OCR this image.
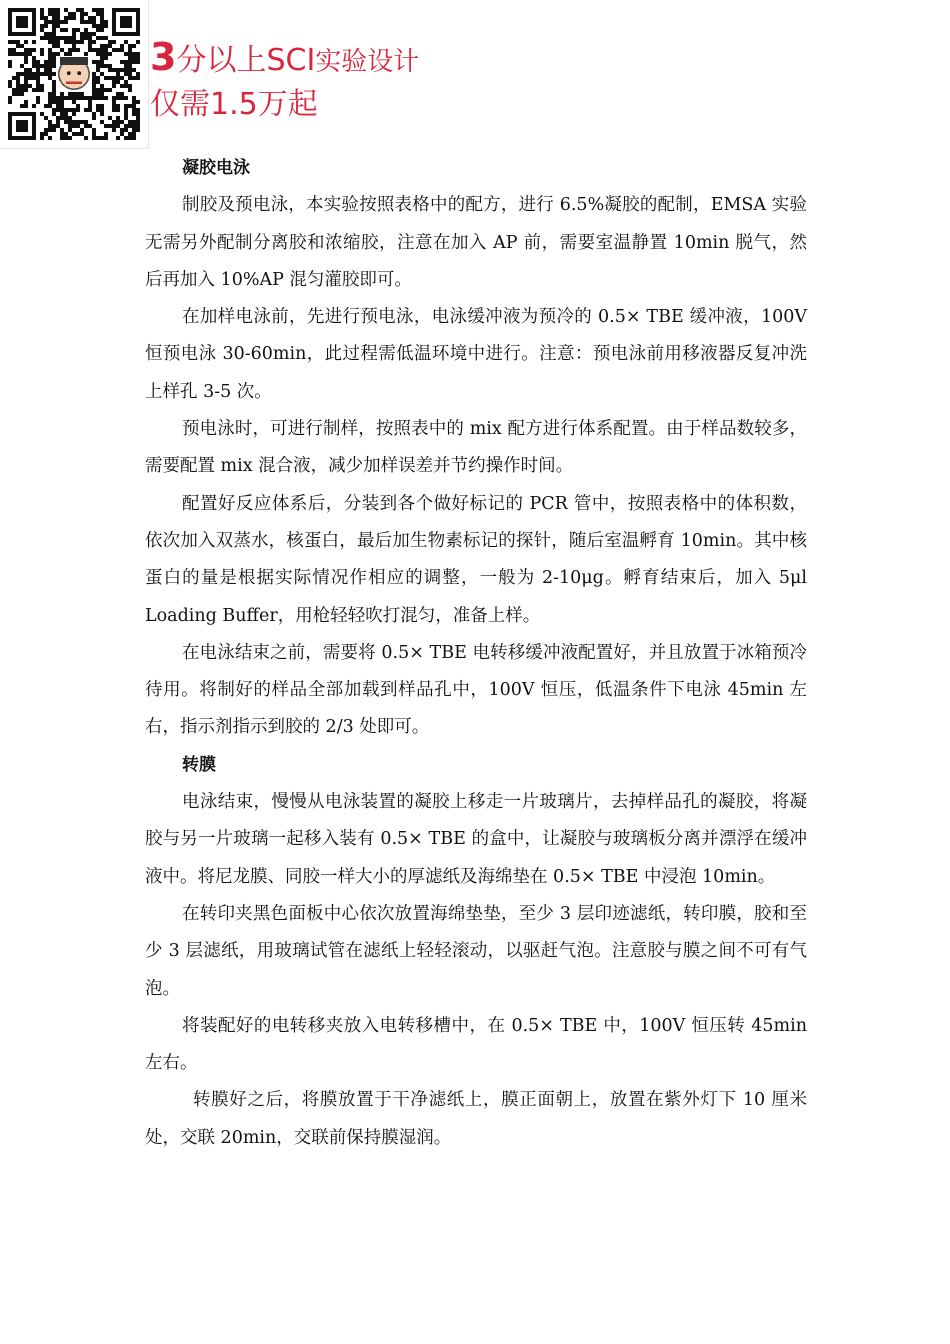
3分以上SCI实验设计
仅需1.5万起
凝胶电泳

制胶及预电泳，本实验按照表格中的配方，进行 6.5%凝胶的配制，EMSA 实验无需另外配制分离胶和浓缩胶，注意在加入 AP 前，需要室温静置 10min 脱气，然后再加入 10%AP 混匀灌胶即可。

在加样电泳前，先进行预电泳，电泳缓冲液为预冷的 0.5× TBE 缓冲液，100V 恒预电泳 30-60min，此过程需低温环境中进行。注意：预电泳前用移液器反复冲洗上样孔 3-5 次。

预电泳时，可进行制样，按照表中的 mix 配方进行体系配置。由于样品数较多，需要配置 mix 混合液，减少加样误差并节约操作时间。

配置好反应体系后，分装到各个做好标记的 PCR 管中，按照表格中的体积数，依次加入双蒸水，核蛋白，最后加生物素标记的探针，随后室温孵育 10min。其中核蛋白的量是根据实际情况作相应的调整，一般为 2-10μg。孵育结束后，加入 5μl Loading Buffer，用枪轻轻吹打混匀，准备上样。

在电泳结束之前，需要将 0.5× TBE 电转移缓冲液配置好，并且放置于冰箱预冷待用。将制好的样品全部加载到样品孔中，100V 恒压，低温条件下电泳 45min 左右，指示剂指示到胶的 2/3 处即可。

转膜

电泳结束，慢慢从电泳装置的凝胶上移走一片玻璃片，去掉样品孔的凝胶，将凝胶与另一片玻璃一起移入装有 0.5× TBE 的盒中，让凝胶与玻璃板分离并漂浮在缓冲液中。将尼龙膜、同胶一样大小的厚滤纸及海绵垫在 0.5× TBE 中浸泡 10min。

在转印夹黑色面板中心依次放置海绵垫垫，至少 3 层印迹滤纸，转印膜，胶和至少 3 层滤纸，用玻璃试管在滤纸上轻轻滚动，以驱赶气泡。注意胶与膜之间不可有气泡。

将装配好的电转移夹放入电转移槽中，在 0.5× TBE 中，100V 恒压转 45min 左右。

转膜好之后，将膜放置于干净滤纸上，膜正面朝上，放置在紫外灯下 10 厘米处，交联 20min，交联前保持膜湿润。
